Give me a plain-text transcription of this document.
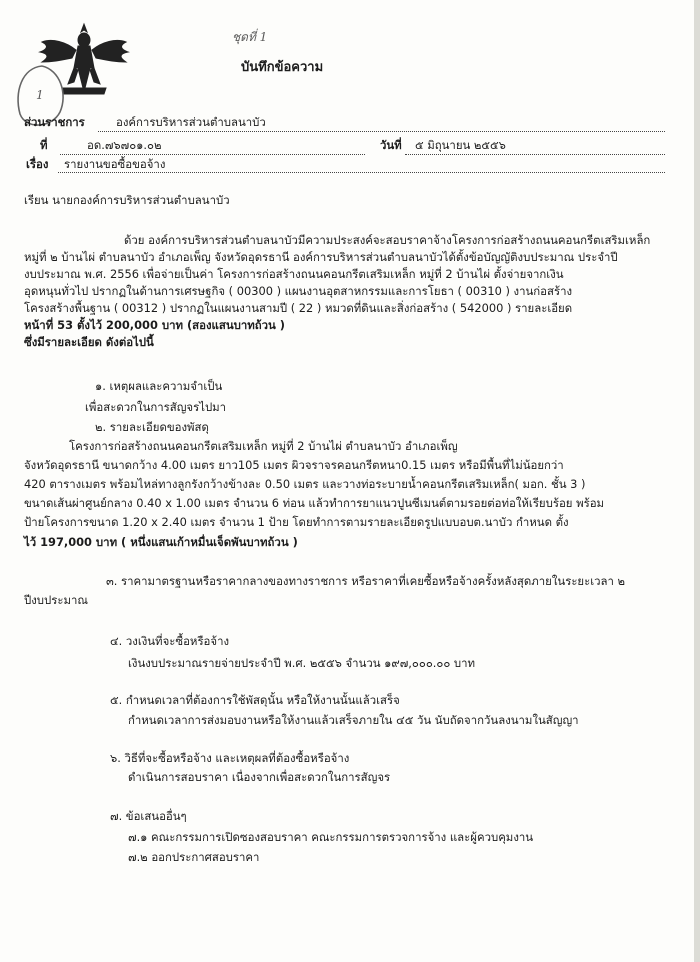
1
ชุดที่ 1
บันทึกข้อความ
ส่วนราชการ	องค์การบริหารส่วนตำบลนาบัว
ที่	อด.๗๖๗๐๑.๐๒	วันที่ ๕ มิถุนายน ๒๕๕๖
เรื่อง รายงานขอซื้อขอจ้าง
เรียน นายกองค์การบริหารส่วนตำบลนาบัว
ด้วย องค์การบริหารส่วนตำบลนาบัวมีความประสงค์จะสอบราคาจ้างโครงการก่อสร้างถนนคอนกรีตเสริมเหล็ก
หมู่ที่ ๒ บ้านไผ่ ตำบลนาบัว อำเภอเพ็ญ จังหวัดอุดรธานี องค์การบริหารส่วนตำบลนาบัวได้ตั้งข้อบัญญัติงบประมาณ ประจำปี
งบประมาณ พ.ศ. 2556 เพื่อจ่ายเป็นค่า โครงการก่อสร้างถนนคอนกรีตเสริมเหล็ก หมู่ที่ 2 บ้านไผ่ ตั้งจ่ายจากเงิน
อุดหนุนทั่วไป ปรากฏในด้านการเศรษฐกิจ ( 00300 ) แผนงานอุตสาหกรรมและการโยธา ( 00310 ) งานก่อสร้าง
โครงสร้างพื้นฐาน ( 00312 ) ปรากฏในแผนงานสามปี ( 22 ) หมวดที่ดินและสิ่งก่อสร้าง ( 542000 ) รายละเอียด
หน้าที่ 53 ตั้งไว้ 200,000 บาท (สองแสนบาทถ้วน )
ซึ่งมีรายละเอียด ดังต่อไปนี้
๑. เหตุผลและความจำเป็น
เพื่อสะดวกในการสัญจรไปมา
๒. รายละเอียดของพัสดุ
โครงการก่อสร้างถนนคอนกรีตเสริมเหล็ก หมู่ที่ 2 บ้านไผ่ ตำบลนาบัว อำเภอเพ็ญ
จังหวัดอุดรธานี ขนาดกว้าง 4.00 เมตร ยาว105 เมตร ผิวจราจรคอนกรีตหนา0.15 เมตร หรือมีพื้นที่ไม่น้อยกว่า
420 ตารางเมตร พร้อมไหล่ทางลูกรังกว้างข้างละ 0.50 เมตร และวางท่อระบายน้ำคอนกรีตเสริมเหล็ก( มอก. ชั้น 3 )
ขนาดเส้นผ่าศูนย์กลาง 0.40 x 1.00 เมตร จำนวน 6 ท่อน แล้วทำการยาแนวปูนซีเมนต์ตามรอยต่อท่อให้เรียบร้อย พร้อม
ป้ายโครงการขนาด 1.20 x 2.40 เมตร จำนวน 1 ป้าย โดยทำการตามรายละเอียดรูปแบบอบต.นาบัว กำหนด ตั้ง
ไว้ 197,000 บาท ( หนึ่งแสนเก้าหมื่นเจ็ดพันบาทถ้วน )
๓. ราคามาตรฐานหรือราคากลางของทางราชการ หรือราคาที่เคยซื้อหรือจ้างครั้งหลังสุดภายในระยะเวลา ๒
ปีงบประมาณ
๔. วงเงินที่จะซื้อหรือจ้าง
เงินงบประมาณรายจ่ายประจำปี พ.ศ. ๒๕๕๖ จำนวน ๑๙๗,๐๐๐.๐๐ บาท
๕. กำหนดเวลาที่ต้องการใช้พัสดุนั้น หรือให้งานนั้นแล้วเสร็จ
กำหนดเวลาการส่งมอบงานหรือให้งานแล้วเสร็จภายใน ๔๕ วัน นับถัดจากวันลงนามในสัญญา
๖. วิธีที่จะซื้อหรือจ้าง และเหตุผลที่ต้องซื้อหรือจ้าง
ดำเนินการสอบราคา เนื่องจากเพื่อสะดวกในการสัญจร
๗. ข้อเสนออื่นๆ
๗.๑ คณะกรรมการเปิดซองสอบราคา คณะกรรมการตรวจการจ้าง และผู้ควบคุมงาน
๗.๒ ออกประกาศสอบราคา
